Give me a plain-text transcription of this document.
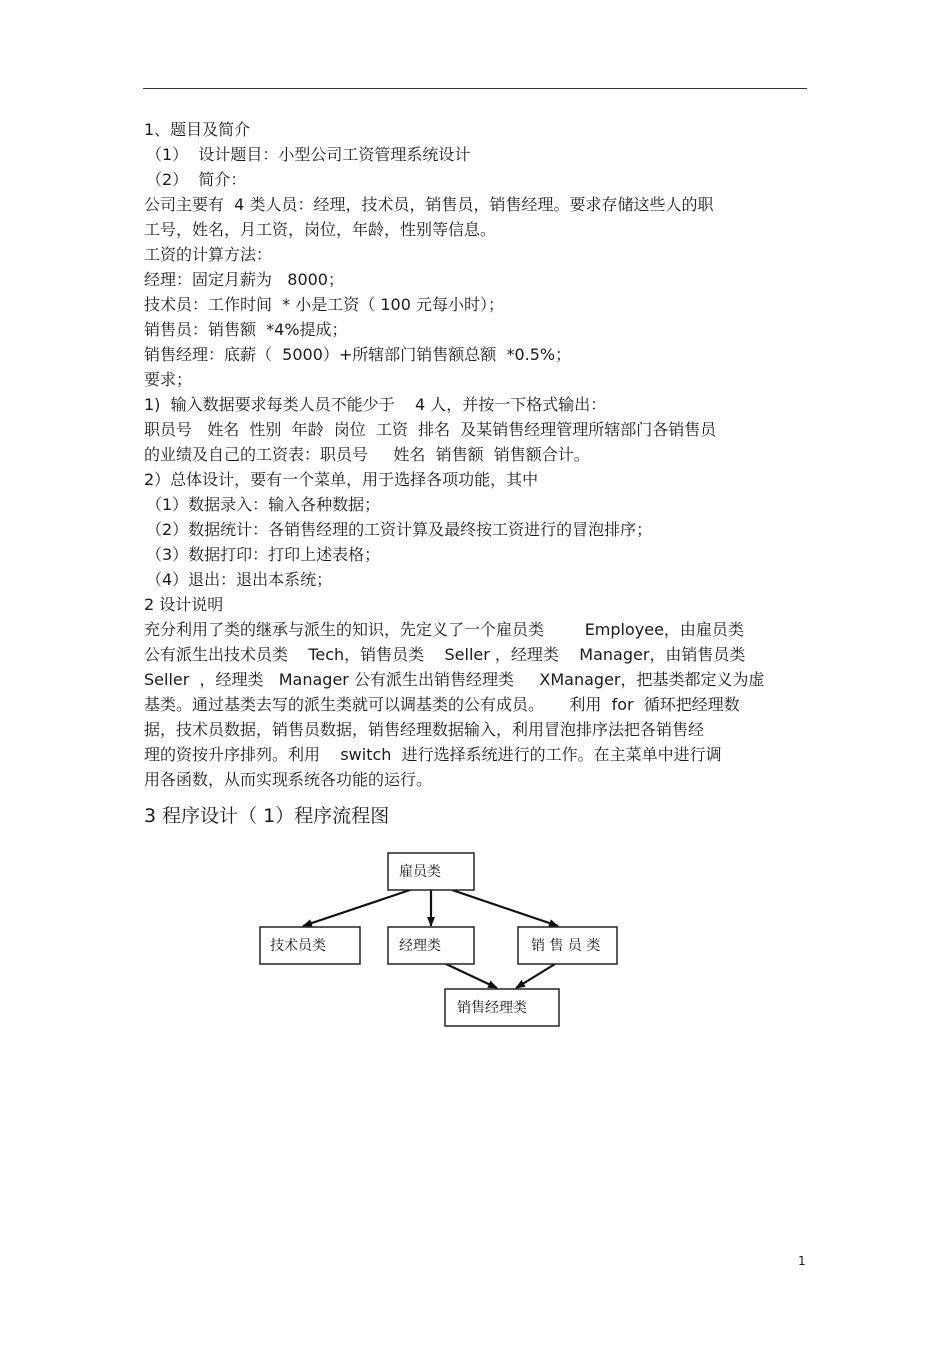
1、题目及简介
（1）  设计题目：小型公司工资管理系统设计
（2）  简介：
公司主要有  4 类人员：经理，技术员，销售员，销售经理。要求存储这些人的职
工号，姓名，月工资，岗位，年龄，性别等信息。
工资的计算方法：
经理：固定月薪为   8000；
技术员：工作时间  * 小是工资（ 100 元每小时）；
销售员：销售额  *4%提成；
销售经理：底薪（  5000）+所辖部门销售额总额  *0.5%；
要求；
1)  输入数据要求每类人员不能少于    4 人，并按一下格式输出：
职员号   姓名  性别  年龄  岗位  工资  排名  及某销售经理管理所辖部门各销售员
的业绩及自己的工资表：职员号     姓名  销售额  销售额合计。
2）总体设计，要有一个菜单，用于选择各项功能，其中
（1）数据录入：输入各种数据；
（2）数据统计：各销售经理的工资计算及最终按工资进行的冒泡排序；
（3）数据打印：打印上述表格；
（4）退出：退出本系统；
2 设计说明
充分利用了类的继承与派生的知识，先定义了一个雇员类        Employee，由雇员类
公有派生出技术员类    Tech，销售员类    Seller ，经理类    Manager，由销售员类
Seller  ，经理类   Manager 公有派生出销售经理类     XManager，把基类都定义为虚
基类。通过基类去写的派生类就可以调基类的公有成员。     利用  for  循环把经理数
据，技术员数据，销售员数据，销售经理数据输入，利用冒泡排序法把各销售经
理的资按升序排列。利用    switch  进行选择系统进行的工作。在主菜单中进行调
用各函数，从而实现系统各功能的运行。
3 程序设计（ 1）程序流程图
雇员类
技术员类	经理类	销 售 员 类
销售经理类
1
